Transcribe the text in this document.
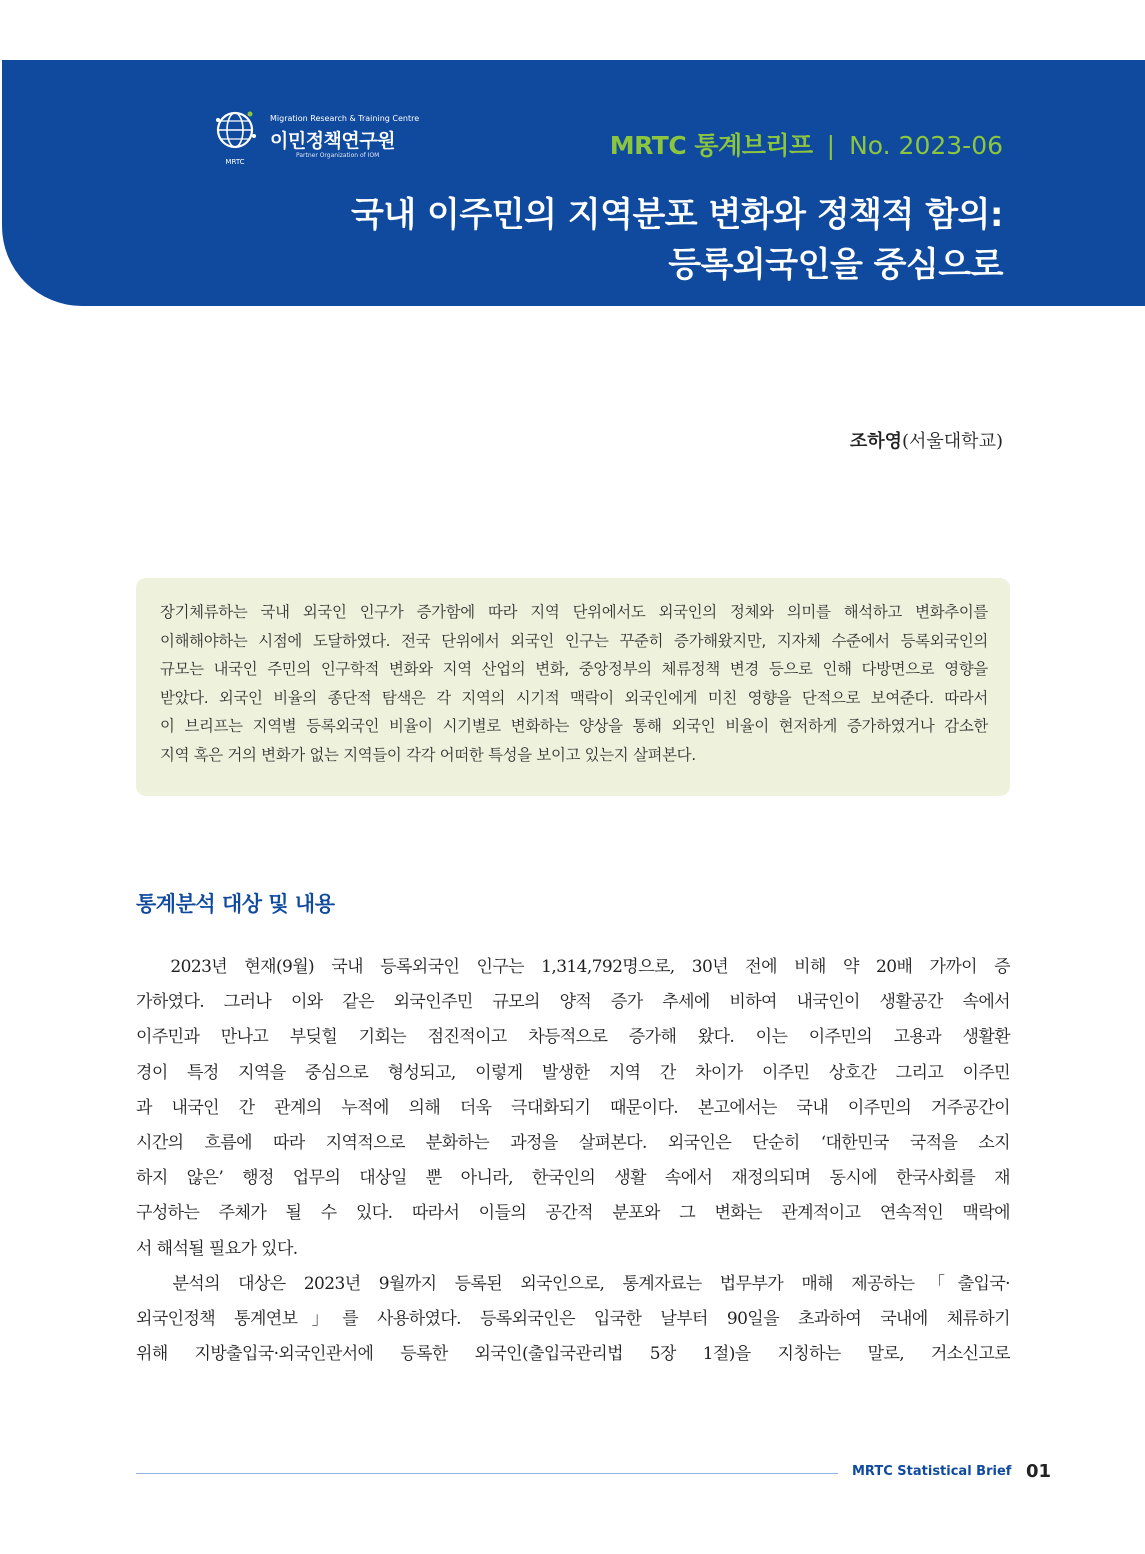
MRTC
Migration Research & Training Centre
이민정책연구원
Partner Organization of IOM	MRTC 통계브리프 | No. 2023-06
국내 이주민의 지역분포 변화와 정책적 함의:
등록외국인을 중심으로
조하영(서울대학교)
장기체류하는 국내 외국인 인구가 증가함에 따라 지역 단위에서도 외국인의 정체와 의미를 해석하고 변화추이를
이해해야하는 시점에 도달하였다. 전국 단위에서 외국인 인구는 꾸준히 증가해왔지만, 지자체 수준에서 등록외국인의
규모는 내국인 주민의 인구학적 변화와 지역 산업의 변화, 중앙정부의 체류정책 변경 등으로 인해 다방면으로 영향을
받았다. 외국인 비율의 종단적 탐색은 각 지역의 시기적 맥락이 외국인에게 미친 영향을 단적으로 보여준다. 따라서
이 브리프는 지역별 등록외국인 비율이 시기별로 변화하는 양상을 통해 외국인 비율이 현저하게 증가하였거나 감소한
지역 혹은 거의 변화가 없는 지역들이 각각 어떠한 특성을 보이고 있는지 살펴본다.
통계분석 대상 및 내용
2023년 현재(9월) 국내 등록외국인 인구는 1,314,792명으로, 30년 전에 비해 약 20배 가까이 증
가하였다. 그러나 이와 같은 외국인주민 규모의 양적 증가 추세에 비하여 내국인이 생활공간 속에서
이주민과 만나고 부딪힐 기회는 점진적이고 차등적으로 증가해 왔다. 이는 이주민의 고용과 생활환
경이 특정 지역을 중심으로 형성되고, 이렇게 발생한 지역 간 차이가 이주민 상호간 그리고 이주민
과 내국인 간 관계의 누적에 의해 더욱 극대화되기 때문이다. 본고에서는 국내 이주민의 거주공간이
시간의 흐름에 따라 지역적으로 분화하는 과정을 살펴본다. 외국인은 단순히 ‘대한민국 국적을 소지
하지 않은’ 행정 업무의 대상일 뿐 아니라, 한국인의 생활 속에서 재정의되며 동시에 한국사회를 재
구성하는 주체가 될 수 있다. 따라서 이들의 공간적 분포와 그 변화는 관계적이고 연속적인 맥락에
서 해석될 필요가 있다.
분석의 대상은 2023년 9월까지 등록된 외국인으로, 통계자료는 법무부가 매해 제공하는「출입국·
외국인정책 통계연보」를 사용하였다. 등록외국인은 입국한 날부터 90일을 초과하여 국내에 체류하기
위해 지방출입국·외국인관서에 등록한 외국인(출입국관리법 5장 1절)을 지칭하는 말로, 거소신고로
MRTC Statistical Brief 01
